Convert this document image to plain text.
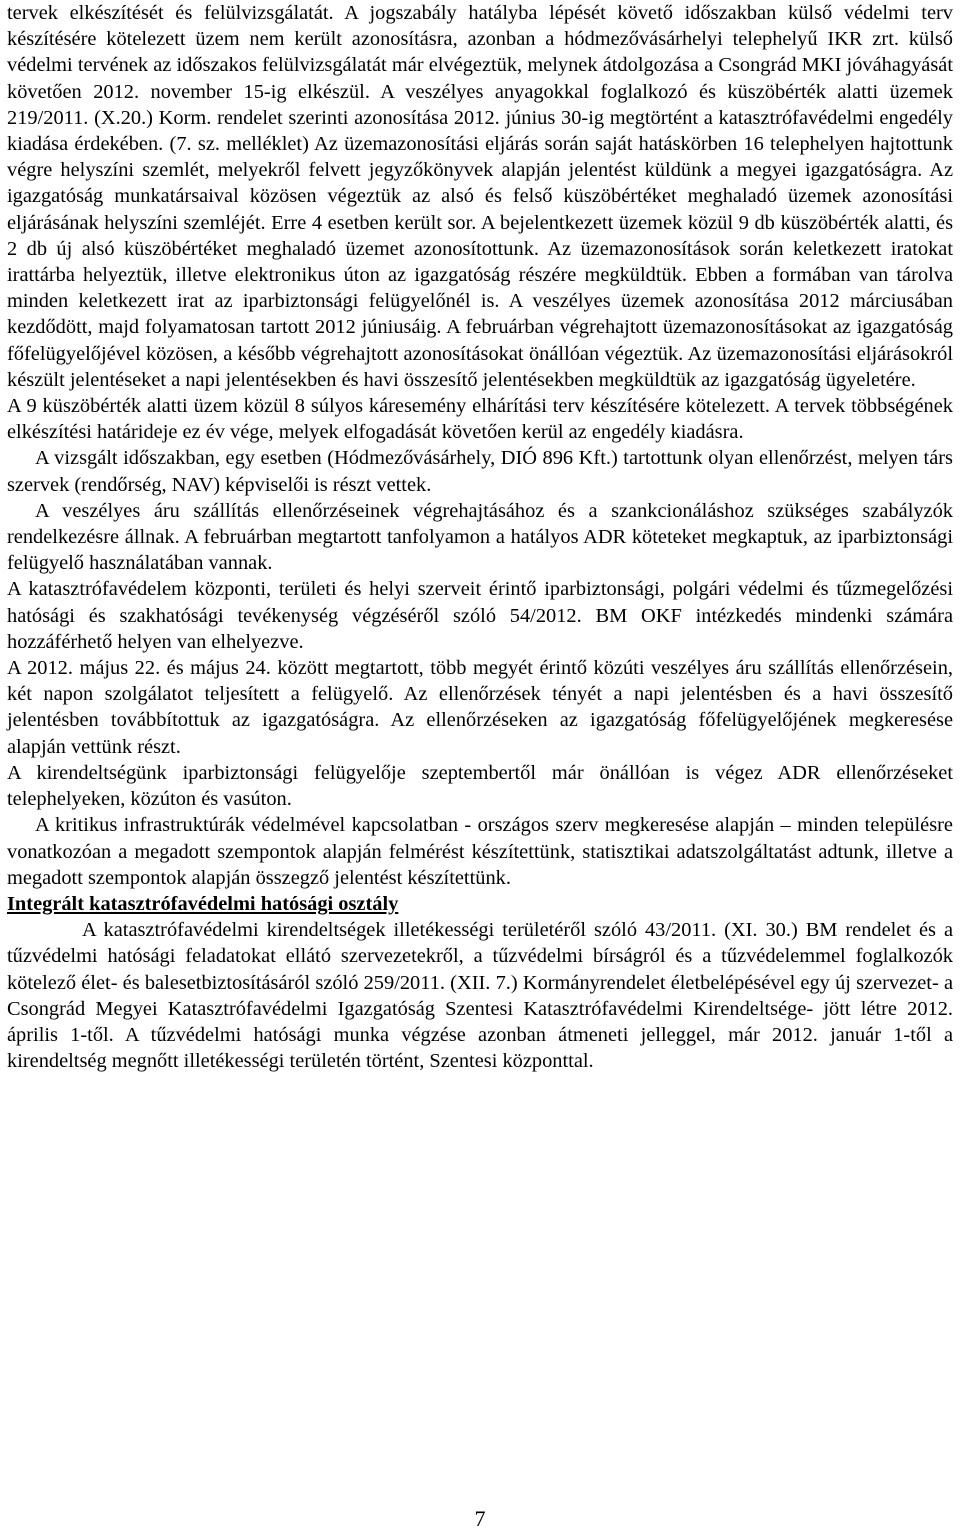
tervek elkészítését és felülvizsgálatát. A jogszabály hatályba lépését követő időszakban külső védelmi terv készítésére kötelezett üzem nem került azonosításra, azonban a hódmezővásárhelyi telephelyű IKR zrt. külső védelmi tervének az időszakos felülvizsgálatát már elvégeztük, melynek átdolgozása a Csongrád MKI jóváhagyását követően 2012. november 15-ig elkészül. A veszélyes anyagokkal foglalkozó és küszöbérték alatti üzemek 219/2011. (X.20.) Korm. rendelet szerinti azonosítása 2012. június 30-ig megtörtént a katasztrófavédelmi engedély kiadása érdekében. (7. sz. melléklet) Az üzemazonosítási eljárás során saját hatáskörben 16 telephelyen hajtottunk végre helyszíni szemlét, melyekről felvett jegyzőkönyvek alapján jelentést küldünk a megyei igazgatóságra. Az igazgatóság munkatársaival közösen végeztük az alsó és felső küszöbértéket meghaladó üzemek azonosítási eljárásának helyszíni szemléjét. Erre 4 esetben került sor. A bejelentkezett üzemek közül 9 db küszöbérték alatti, és 2 db új alsó küszöbértéket meghaladó üzemet azonosítottunk. Az üzemazonosítások során keletkezett iratokat irattárba helyeztük, illetve elektronikus úton az igazgatóság részére megküldtük. Ebben a formában van tárolva minden keletkezett irat az iparbiztonsági felügyelőnél is. A veszélyes üzemek azonosítása 2012 márciusában kezdődött, majd folyamatosan tartott 2012 júniusáig. A februárban végrehajtott üzemazonosításokat az igazgatóság főfelügyelőjével közösen, a később végrehajtott azonosításokat önállóan végeztük. Az üzemazonosítási eljárásokról készült jelentéseket a napi jelentésekben és havi összesítő jelentésekben megküldtük az igazgatóság ügyeletére.

A 9 küszöbérték alatti üzem közül 8 súlyos káresemény elhárítási terv készítésére kötelezett. A tervek többségének elkészítési határideje ez év vége, melyek elfogadását követően kerül az engedély kiadásra.

A vizsgált időszakban, egy esetben (Hódmezővásárhely, DIÓ 896 Kft.) tartottunk olyan ellenőrzést, melyen társ szervek (rendőrség, NAV) képviselői is részt vettek.

A veszélyes áru szállítás ellenőrzéseinek végrehajtásához és a szankcionáláshoz szükséges szabályzók rendelkezésre állnak. A februárban megtartott tanfolyamon a hatályos ADR köteteket megkaptuk, az iparbiztonsági felügyelő használatában vannak.

A katasztrófavédelem központi, területi és helyi szerveit érintő iparbiztonsági, polgári védelmi és tűzmegelőzési hatósági és szakhatósági tevékenység végzéséről szóló 54/2012. BM OKF intézkedés mindenki számára hozzáférhető helyen van elhelyezve.

A 2012. május 22. és május 24. között megtartott, több megyét érintő közúti veszélyes áru szállítás ellenőrzésein, két napon szolgálatot teljesített a felügyelő. Az ellenőrzések tényét a napi jelentésben és a havi összesítő jelentésben továbbítottuk az igazgatóságra. Az ellenőrzéseken az igazgatóság főfelügyelőjének megkeresése alapján vettünk részt.

A kirendeltségünk iparbiztonsági felügyelője szeptembertől már önállóan is végez ADR ellenőrzéseket telephelyeken, közúton és vasúton.

A kritikus infrastruktúrák védelmével kapcsolatban - országos szerv megkeresése alapján – minden településre vonatkozóan a megadott szempontok alapján felmérést készítettünk, statisztikai adatszolgáltatást adtunk, illetve a megadott szempontok alapján összegző jelentést készítettünk.

Integrált katasztrófavédelmi hatósági osztály

A katasztrófavédelmi kirendeltségek illetékességi területéről szóló 43/2011. (XI. 30.) BM rendelet és a tűzvédelmi hatósági feladatokat ellátó szervezetekről, a tűzvédelmi bírságról és a tűzvédelemmel foglalkozók kötelező élet- és balesetbiztosításáról szóló 259/2011. (XII. 7.) Kormányrendelet életbelépésével egy új szervezet- a Csongrád Megyei Katasztrófavédelmi Igazgatóság Szentesi Katasztrófavédelmi Kirendeltsége- jött létre 2012. április 1-től. A tűzvédelmi hatósági munka végzése azonban átmeneti jelleggel, már 2012. január 1-től a kirendeltség megnőtt illetékességi területén történt, Szentesi központtal.

7
